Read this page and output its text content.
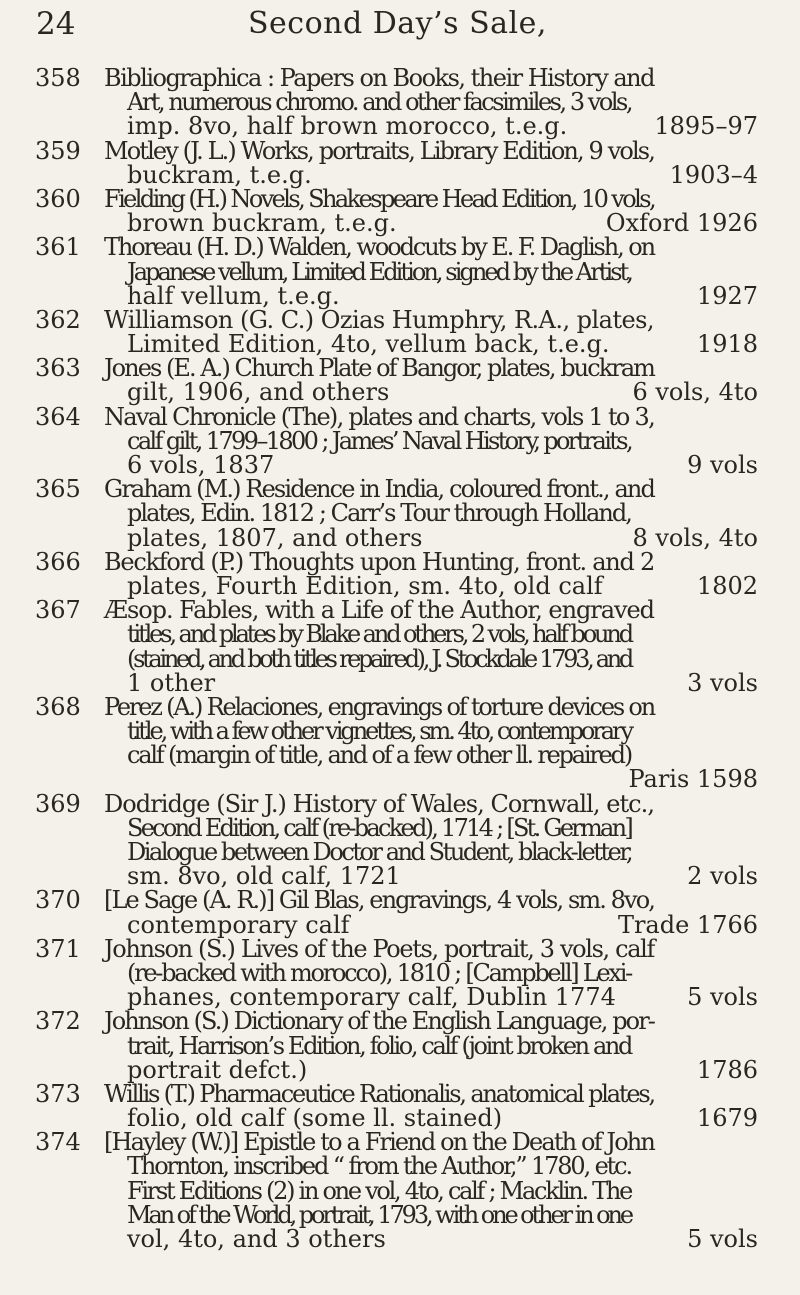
24	Second Day’s Sale,
358 Bibliographica : Papers on Books, their History and
Art, numerous chromo. and other facsimiles, 3 vols,
imp. 8vo, half brown morocco, t.e.g.	1895–97
359 Motley (J. L.) Works, portraits, Library Edition, 9 vols,
buckram, t.e.g.	1903–4
360 Fielding (H.) Novels, Shakespeare Head Edition, 10 vols,
brown buckram, t.e.g.	Oxford 1926
361 Thoreau (H. D.) Walden, woodcuts by E. F. Daglish, on
Japanese vellum, Limited Edition, signed by the Artist,
half vellum, t.e.g.	1927
362 Williamson (G. C.) Ozias Humphry, R.A., plates,
Limited Edition, 4to, vellum back, t.e.g.	1918
363 Jones (E. A.) Church Plate of Bangor, plates, buckram
gilt, 1906, and others	6 vols, 4to
364 Naval Chronicle (The), plates and charts, vols 1 to 3,
calf gilt, 1799–1800 ; James’ Naval History, portraits,
6 vols, 1837	9 vols
365 Graham (M.) Residence in India, coloured front., and
plates, Edin. 1812 ; Carr’s Tour through Holland,
plates, 1807, and others	8 vols, 4to
366 Beckford (P.) Thoughts upon Hunting, front. and 2
plates, Fourth Edition, sm. 4to, old calf	1802
367 Æsop. Fables, with a Life of the Author, engraved
titles, and plates by Blake and others, 2 vols, half bound
(stained, and both titles repaired), J. Stockdale 1793, and
1 other	3 vols
368 Perez (A.) Relaciones, engravings of torture devices on
title, with a few other vignettes, sm. 4to, contemporary
calf (margin of title, and of a few other ll. repaired)
Paris 1598
369 Dodridge (Sir J.) History of Wales, Cornwall, etc.,
Second Edition, calf (re-backed), 1714 ; [St. German]
Dialogue between Doctor and Student, black-letter,
sm. 8vo, old calf, 1721	2 vols
370 [Le Sage (A. R.)] Gil Blas, engravings, 4 vols, sm. 8vo,
contemporary calf	Trade 1766
371 Johnson (S.) Lives of the Poets, portrait, 3 vols, calf
(re-backed with morocco), 1810 ; [Campbell] Lexi-
phanes, contemporary calf, Dublin 1774	5 vols
372 Johnson (S.) Dictionary of the English Language, por-
trait, Harrison’s Edition, folio, calf (joint broken and
portrait defct.)	1786
373 Willis (T.) Pharmaceutice Rationalis, anatomical plates,
folio, old calf (some ll. stained)	1679
374 [Hayley (W.)] Epistle to a Friend on the Death of John
Thornton, inscribed “ from the Author,” 1780, etc.
First Editions (2) in one vol, 4to, calf ; Macklin. The
Man of the World, portrait, 1793, with one other in one
vol, 4to, and 3 others	5 vols
